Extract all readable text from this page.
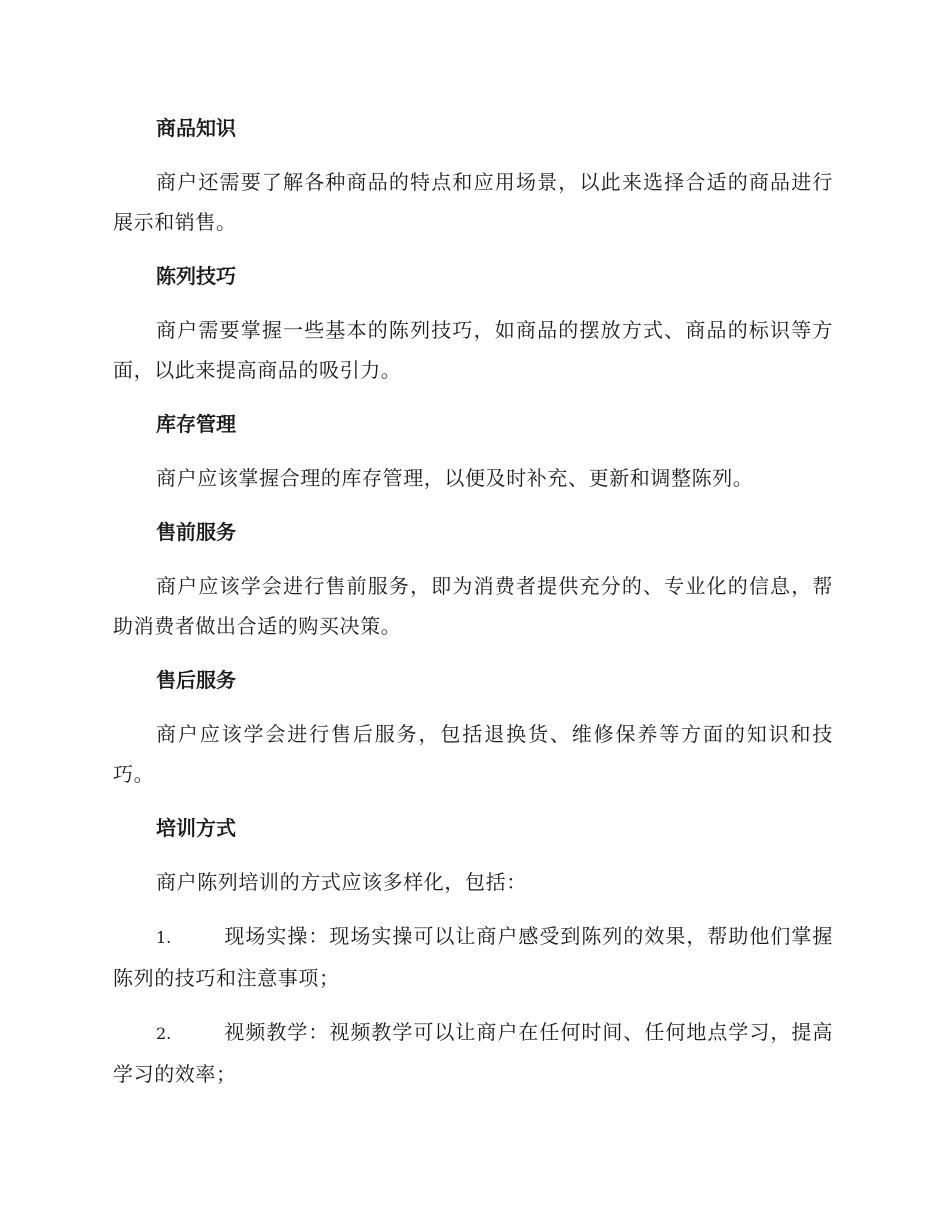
商品知识
商户还需要了解各种商品的特点和应用场景，以此来选择合适的商品进行展示和销售。
陈列技巧
商户需要掌握一些基本的陈列技巧，如商品的摆放方式、商品的标识等方面，以此来提高商品的吸引力。
库存管理
商户应该掌握合理的库存管理，以便及时补充、更新和调整陈列。
售前服务
商户应该学会进行售前服务，即为消费者提供充分的、专业化的信息，帮助消费者做出合适的购买决策。
售后服务
商户应该学会进行售后服务，包括退换货、维修保养等方面的知识和技巧。
培训方式
商户陈列培训的方式应该多样化，包括：
1.	现场实操：现场实操可以让商户感受到陈列的效果，帮助他们掌握陈列的技巧和注意事项；
2.	视频教学：视频教学可以让商户在任何时间、任何地点学习，提高学习的效率；
